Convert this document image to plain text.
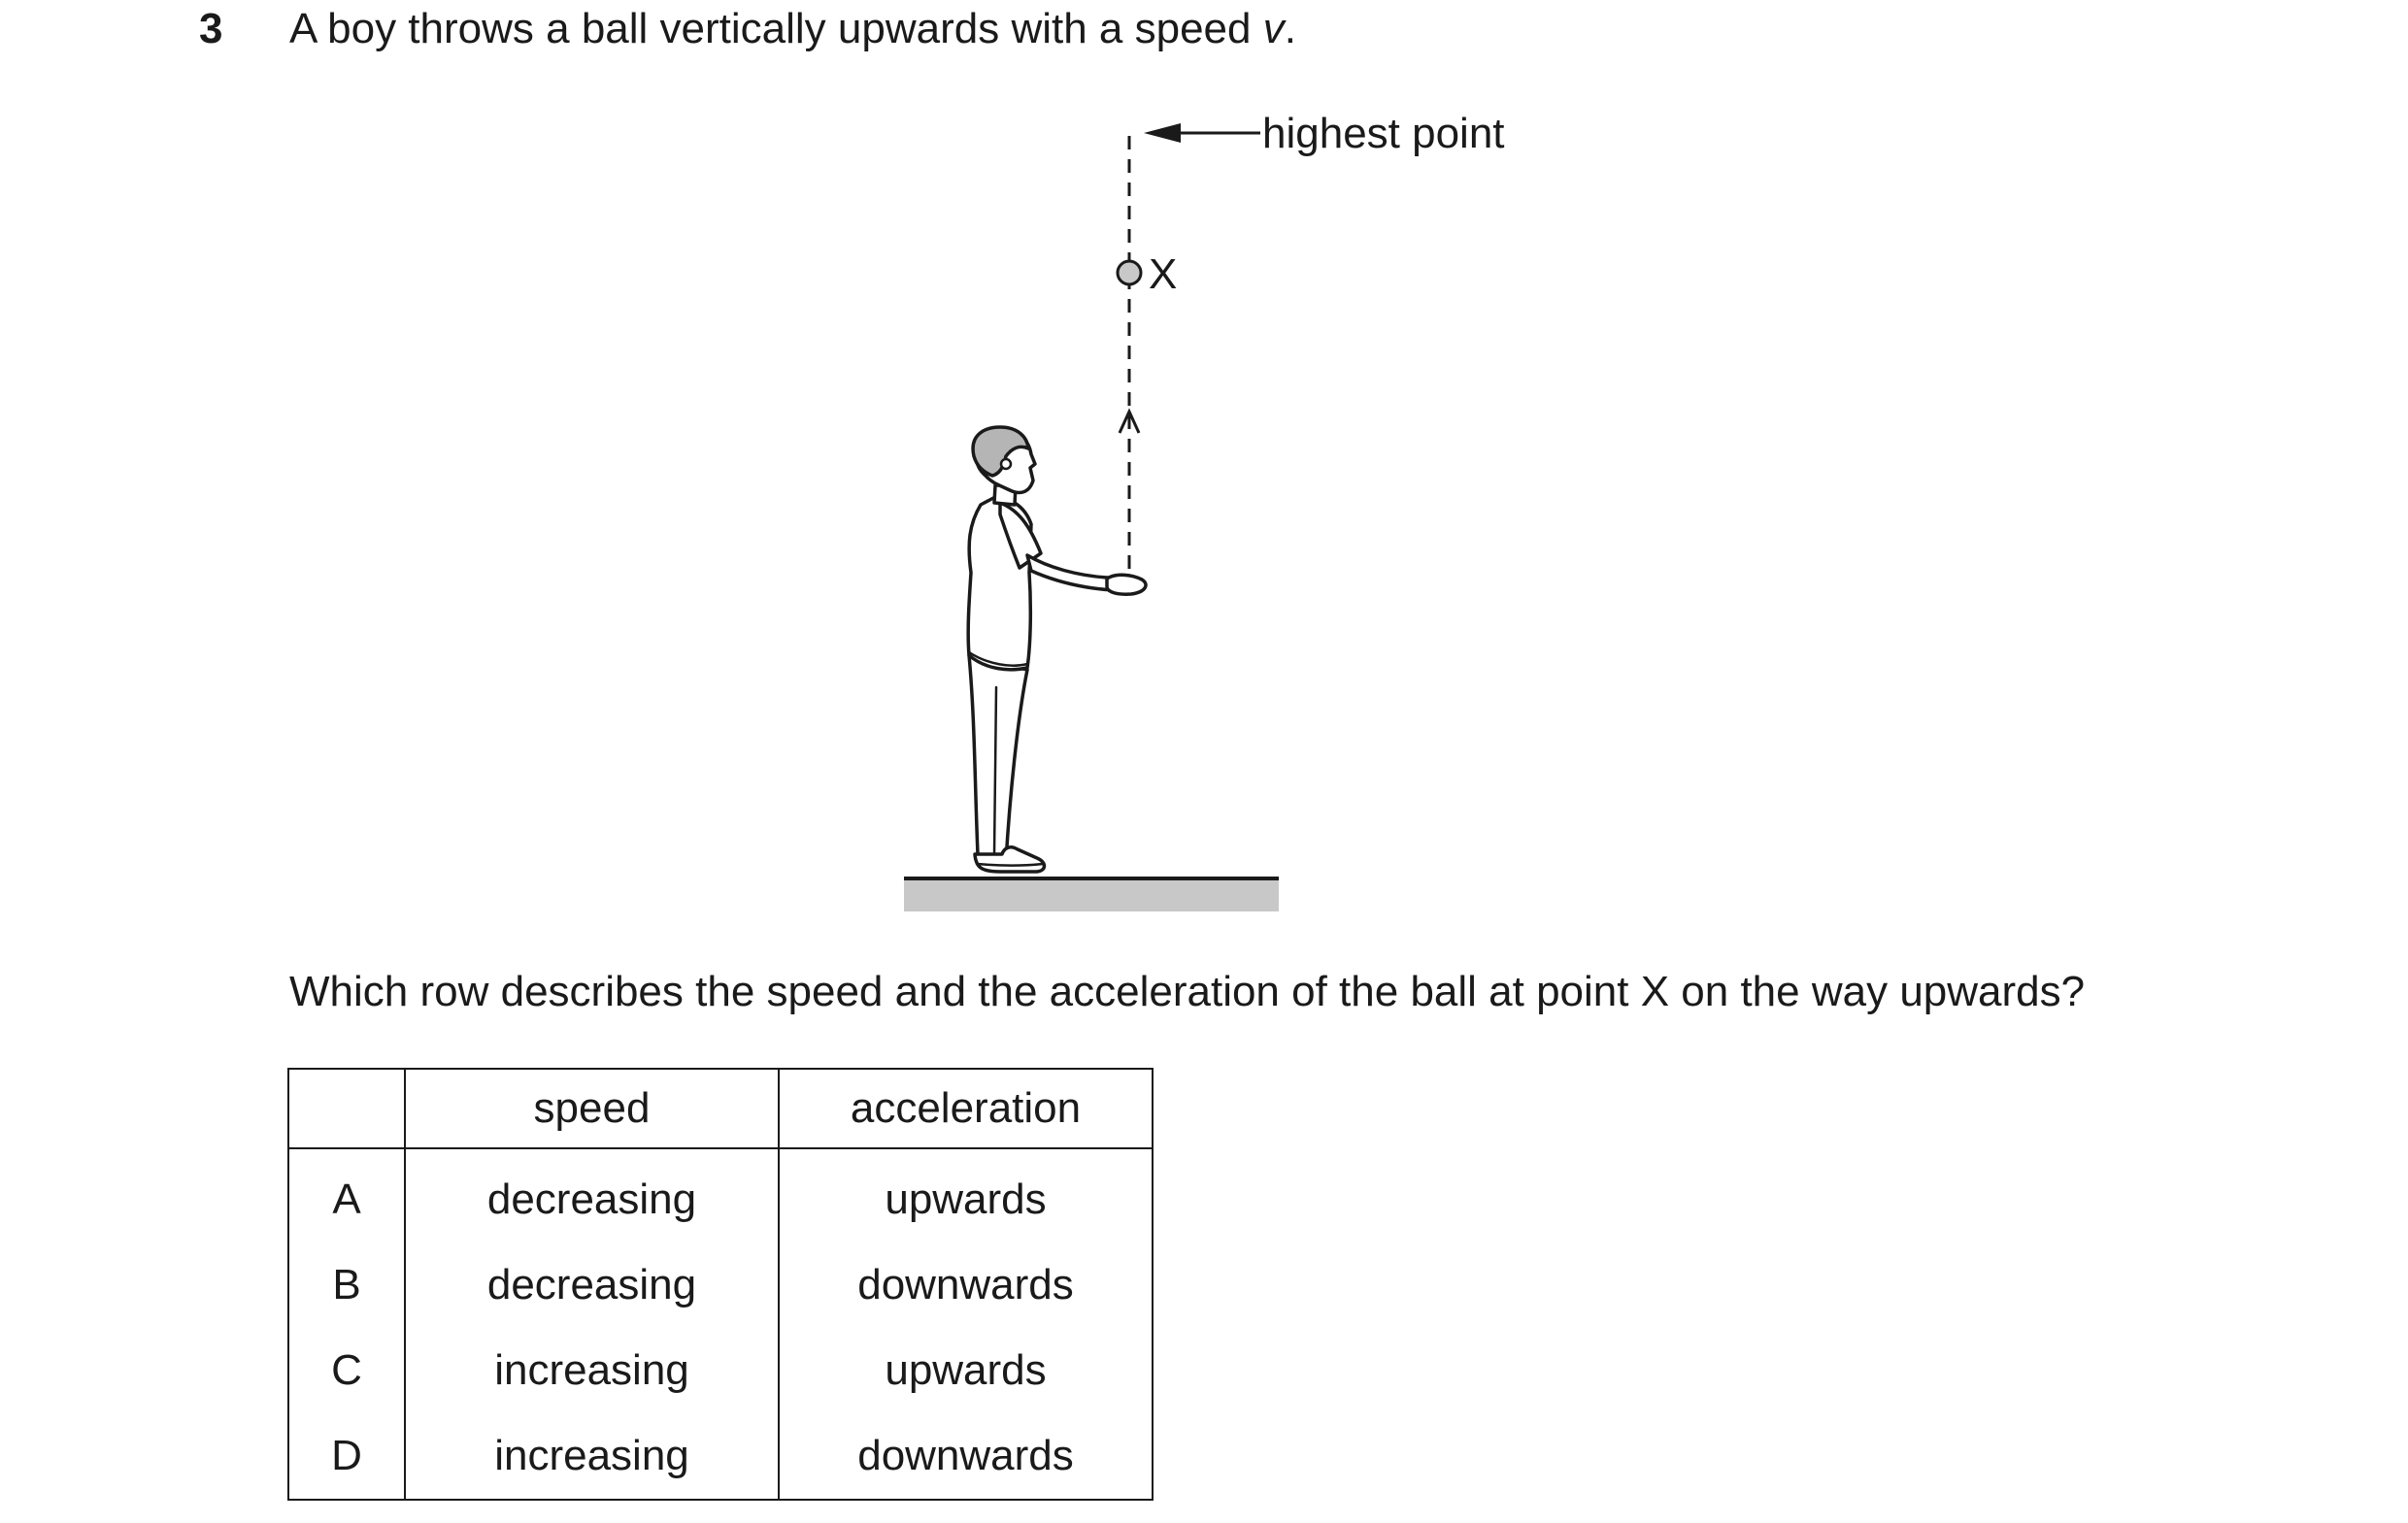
3 A boy throws a ball vertically upwards with a speed v.
highest point
X
Which row describes the speed and the acceleration of the ball at point X on the way upwards?
	speed	acceleration
A	decreasing	upwards
B	decreasing	downwards
C	increasing	upwards
D	increasing	downwards
